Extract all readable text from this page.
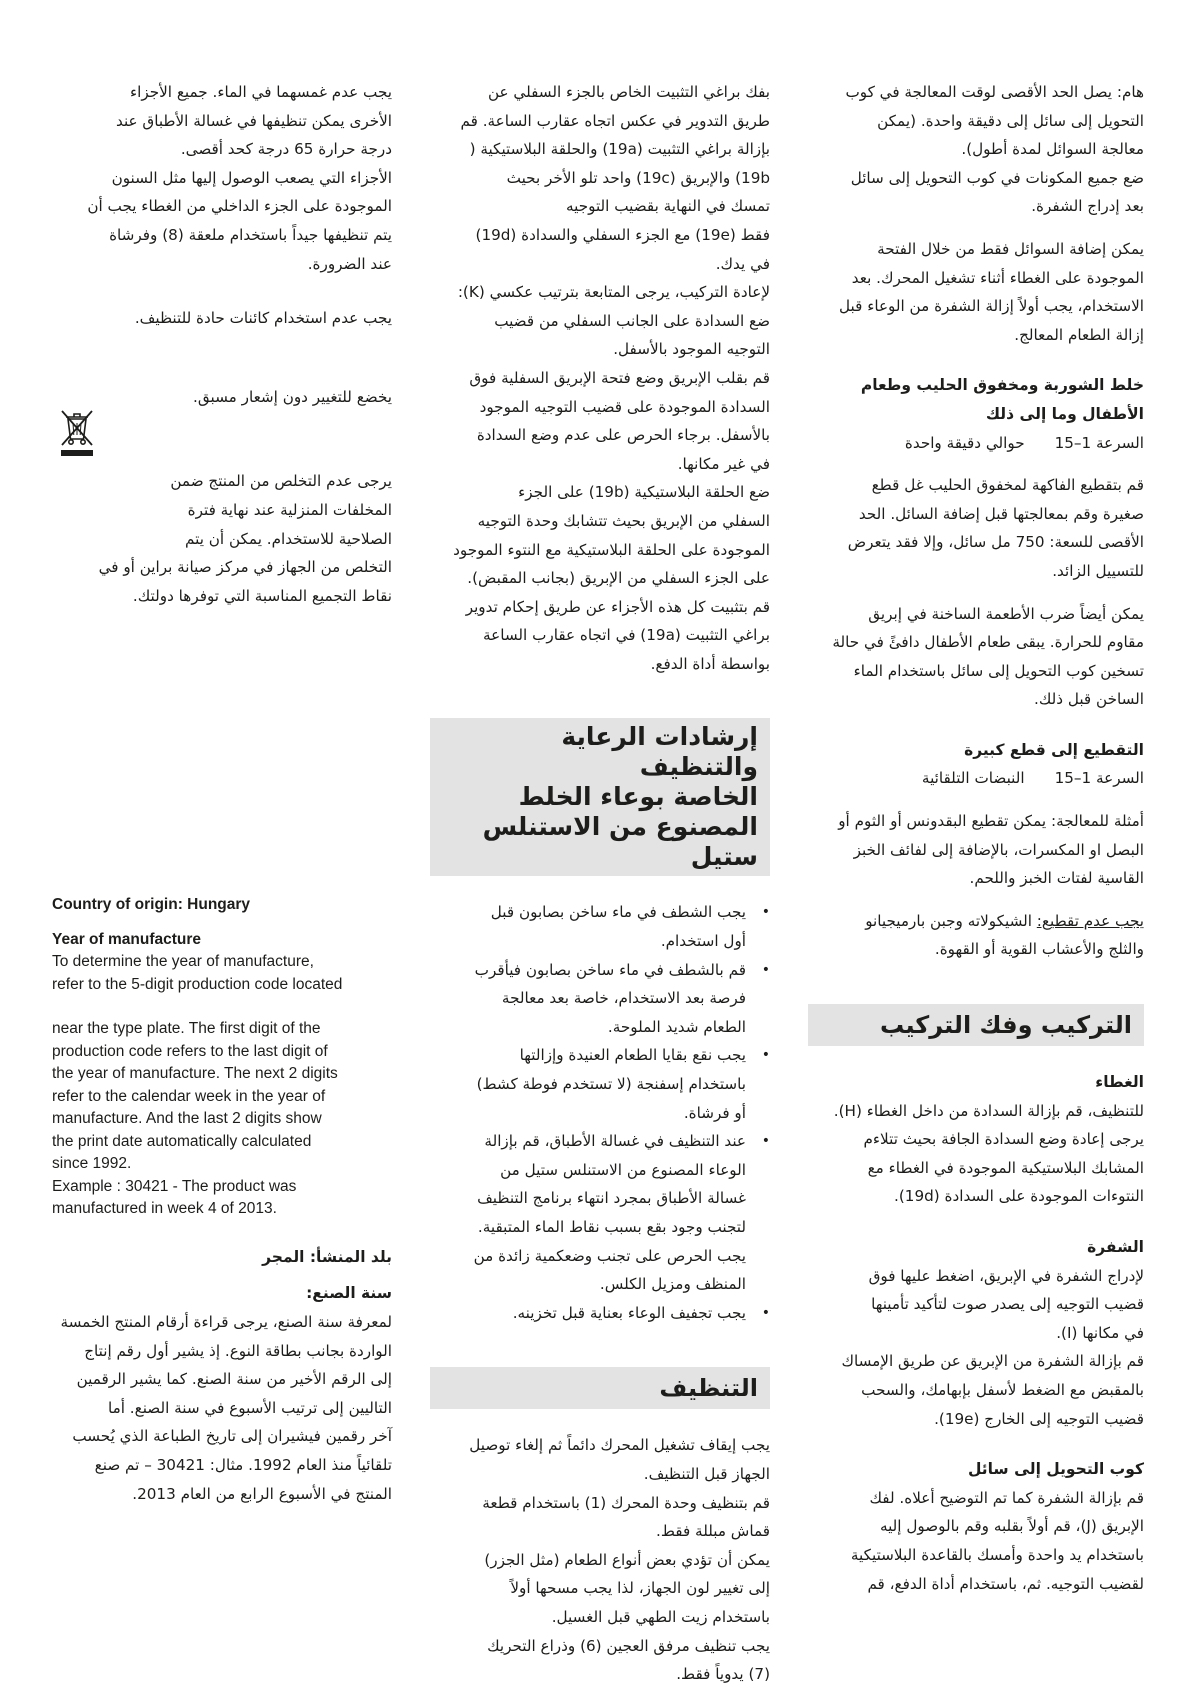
هام: يصل الحد الأقصى لوقت المعالجة في كوب
التحويل إلى سائل إلى دقيقة واحدة. (يمكن
معالجة السوائل لمدة أطول).
ضع جميع المكونات في كوب التحويل إلى سائل
بعد إدراج الشفرة.

يمكن إضافة السوائل فقط من خلال الفتحة
الموجودة على الغطاء أثناء تشغيل المحرك. بعد
الاستخدام، يجب أولاً إزالة الشفرة من الوعاء قبل
إزالة الطعام المعالج.

خلط الشوربة ومخفوق الحليب وطعام
الأطفال وما إلى ذلك
السرعة 1–15
حوالي دقيقة واحدة

قم بتقطيع الفاكهة لمخفوق الحليب غل قطع
صغيرة وقم بمعالجتها قبل إضافة السائل. الحد
الأقصى للسعة: 750 مل سائل، وإلا فقد يتعرض
للتسييل الزائد.

يمكن أيضاً ضرب الأطعمة الساخنة في إبريق
مقاوم للحرارة. يبقى طعام الأطفال دافئً في حالة
تسخين كوب التحويل إلى سائل باستخدام الماء
الساخن قبل ذلك.

التقطيع إلى قطع كبيرة
السرعة 1–15
النبضات التلقائية

أمثلة للمعالجة: يمكن تقطيع البقدونس أو الثوم أو
البصل او المكسرات، بالإضافة إلى لفائف الخبز
القاسية لفتات الخبز واللحم.

يجب عدم تقطيع: الشيكولاته وجبن بارميجيانو
والثلج والأعشاب القوية أو القهوة.

التركيب وفك التركيب
الغطاء

للتنظيف، قم بإزالة السدادة من داخل الغطاء (H).
يرجى إعادة وضع السدادة الجافة بحيث تتلاءم
المشابك البلاستيكية الموجودة في الغطاء مع
النتوءات الموجودة على السدادة (19d).

الشفرة

لإدراج الشفرة في الإبريق، اضغط عليها فوق
قضيب التوجيه إلى يصدر صوت لتأكيد تأمينها
في مكانها (I).
قم بإزالة الشفرة من الإبريق عن طريق الإمساك
بالمقبض مع الضغط لأسفل بإبهامك، والسحب
قضيب التوجيه إلى الخارج (19e).

كوب التحويل إلى سائل

قم بإزالة الشفرة كما تم التوضيح أعلاه. لفك
الإبريق (J)، قم أولاً بقلبه وقم بالوصول إليه
باستخدام يد واحدة وأمسك بالقاعدة البلاستيكية
لقضيب التوجيه. ثم، باستخدام أداة الدفع، قم

بفك براغي التثبيت الخاص بالجزء السفلي عن
طريق التدوير في عكس اتجاه عقارب الساعة. قم
بإزالة براغي التثبيت (19a) والحلقة البلاستيكية (
19b) والإبريق (19c) واحد تلو الأخر بحيث
تمسك في النهاية بقضيب التوجيه
فقط (19e) مع الجزء السفلي والسدادة (19d)
في يدك.
لإعادة التركيب، يرجى المتابعة بترتيب عكسي (K):
ضع السدادة على الجانب السفلي من قضيب
التوجيه الموجود بالأسفل.
قم بقلب الإبريق وضع فتحة الإبريق السفلية فوق
السدادة الموجودة على قضيب التوجيه الموجود
بالأسفل. برجاء الحرص على عدم وضع السدادة
في غير مكانها.
ضع الحلقة البلاستيكية (19b) على الجزء
السفلي من الإبريق بحيث تتشابك وحدة التوجيه
الموجودة على الحلقة البلاستيكية مع النتوء الموجود
على الجزء السفلي من الإبريق (بجانب المقبض).
قم بتثبيت كل هذه الأجزاء عن طريق إحكام تدوير
براغي التثبيت (19a) في اتجاه عقارب الساعة
بواسطة أداة الدفع.

إرشادات الرعاية والتنظيف
الخاصة بوعاء الخلط
المصنوع من الاستنلس ستيل
• يجب الشطف في ماء ساخن بصابون قبل
أول استخدام.
• قم بالشطف في ماء ساخن بصابون فيأقرب
فرصة بعد الاستخدام، خاصة بعد معالجة
الطعام شديد الملوحة.
• يجب نقع بقايا الطعام العنيدة وإزالتها
باستخدام إسفنجة (لا تستخدم فوطة كشط)
أو فرشاة.
• عند التنظيف في غسالة الأطباق، قم بإزالة
الوعاء المصنوع من الاستنلس ستيل من
غسالة الأطباق بمجرد انتهاء برنامج التنظيف
لتجنب وجود بقع بسبب نقاط الماء المتبقية.
يجب الحرص على تجنب وضعكمية زائدة من
المنظف ومزيل الكلس.
• يجب تجفيف الوعاء بعناية قبل تخزينه.
التنظيف

يجب إيقاف تشغيل المحرك دائماً ثم إلغاء توصيل
الجهاز قبل التنظيف.
قم بتنظيف وحدة المحرك (1) باستخدام قطعة
قماش مبللة فقط.
يمكن أن تؤدي بعض أنواع الطعام (مثل الجزر)
إلى تغيير لون الجهاز، لذا يجب مسحها أولاً
باستخدام زيت الطهي قبل الغسيل.
يجب تنظيف مرفق العجين (6) وذراع التحريك
(7) يدوياً فقط.

يجب عدم غمسهما في الماء. جميع الأجزاء
الأخرى يمكن تنظيفها في غسالة الأطباق عند
درجة حرارة 65 درجة كحد أقصى.
الأجزاء التي يصعب الوصول إليها مثل السنون
الموجودة على الجزء الداخلي من الغطاء يجب أن
يتم تنظيفها جيداً باستخدام ملعقة (8) وفرشاة
عند الضرورة.

يجب عدم استخدام كائنات حادة للتنظيف.

يخضع للتغيير دون إشعار مسبق.

يرجى عدم التخلص من المنتج ضمن
المخلفات المنزلية عند نهاية فترة
الصلاحية للاستخدام. يمكن أن يتم
التخلص من الجهاز في مركز صيانة براين أو في
نقاط التجميع المناسبة التي توفرها دولتك.

Country of origin: Hungary

Year of manufacture

To determine the year of manufacture,
refer to the 5-digit production code located

near the type plate. The first digit of the
production code refers to the last digit of
the year of manufacture. The next 2 digits
refer to the calendar week in the year of
manufacture. And the last 2 digits show
the print date automatically calculated
since 1992.
Example : 30421 - The product was
manufactured in week 4 of 2013.

بلد المنشأ: المجر
سنة الصنع:

لمعرفة سنة الصنع، يرجى قراءة أرقام المنتج الخمسة
الواردة بجانب بطاقة النوع. إذ يشير أول رقم إنتاج
إلى الرقم الأخير من سنة الصنع. كما يشير الرقمين
التاليين إلى ترتيب الأسبوع في سنة الصنع. أما
آخر رقمين فيشيران إلى تاريخ الطباعة الذي يُحسب
تلقائياً منذ العام 1992. مثال: 30421 – تم صنع
المنتج في الأسبوع الرابع من العام 2013.
